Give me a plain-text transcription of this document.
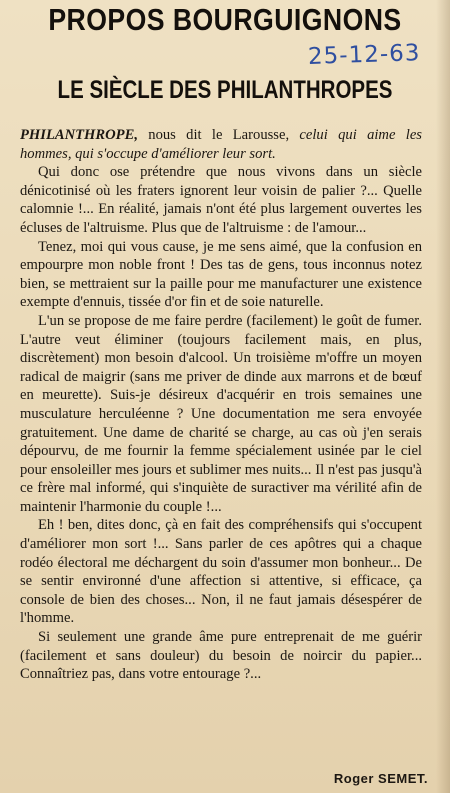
PROPOS BOURGUIGNONS
25-12-63
LE SIÈCLE DES PHILANTHROPES

PHILANTHROPE, nous dit le Larousse, celui qui aime les hommes, qui s'occupe d'améliorer leur sort.

Qui donc ose prétendre que nous vivons dans un siècle dénicotinisé où les fraters ignorent leur voisin de palier ?... Quelle calomnie !... En réalité, jamais n'ont été plus largement ouvertes les écluses de l'altruisme. Plus que de l'altruisme : de l'amour...

Tenez, moi qui vous cause, je me sens aimé, que la confusion en empourpre mon noble front ! Des tas de gens, tous inconnus notez bien, se mettraient sur la paille pour me manufacturer une existence exempte d'ennuis, tissée d'or fin et de soie naturelle.

L'un se propose de me faire perdre (facilement) le goût de fumer. L'autre veut éliminer (toujours facilement mais, en plus, discrètement) mon besoin d'alcool. Un troisième m'offre un moyen radical de maigrir (sans me priver de dinde aux marrons et de bœuf en meurette). Suis-je désireux d'acquérir en trois semaines une musculature herculéenne ? Une documentation me sera envoyée gratuitement. Une dame de charité se charge, au cas où j'en serais dépourvu, de me fournir la femme spécialement usinée par le ciel pour ensoleiller mes jours et sublimer mes nuits... Il n'est pas jusqu'à ce frère mal informé, qui s'inquiète de suractiver ma vérilité afin de maintenir l'harmonie du couple !...

Eh ! ben, dites donc, çà en fait des compréhensifs qui s'occupent d'améliorer mon sort !... Sans parler de ces apôtres qui a chaque rodéo électoral me déchargent du soin d'assumer mon bonheur... De se sentir environné d'une affection si attentive, si efficace, ça console de bien des choses... Non, il ne faut jamais désespérer de l'homme.

Si seulement une grande âme pure entreprenait de me guérir (facilement et sans douleur) du besoin de noircir du papier... Connaîtriez pas, dans votre entourage ?...

Roger SEMET.
